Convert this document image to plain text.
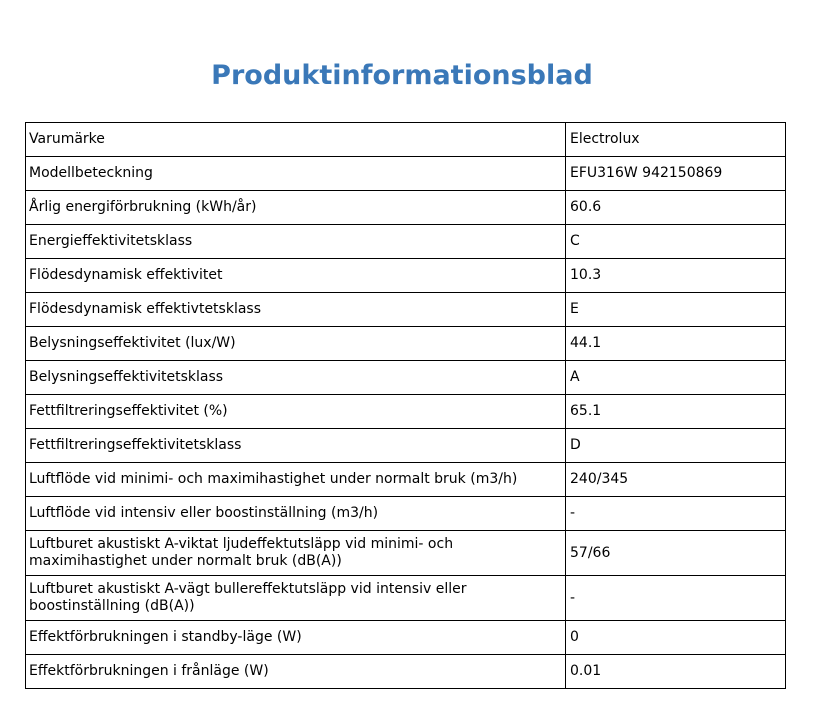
Produktinformationsblad
Varumärke	Electrolux
Modellbeteckning	EFU316W 942150869
Årlig energiförbrukning (kWh/år)	60.6
Energieffektivitetsklass	C
Flödesdynamisk effektivitet	10.3
Flödesdynamisk effektivtetsklass	E
Belysningseffektivitet (lux/W)	44.1
Belysningseffektivitetsklass	A
Fettfiltreringseffektivitet (%)	65.1
Fettfiltreringseffektivitetsklass	D
Luftflöde vid minimi- och maximihastighet under normalt bruk (m3/h)	240/345
Luftflöde vid intensiv eller boostinställning (m3/h)	-
Luftburet akustiskt A-viktat ljudeffektutsläpp vid minimi- och maximihastighet under normalt bruk (dB(A))	57/66
Luftburet akustiskt A-vägt bullereffektutsläpp vid intensiv eller boostinställning (dB(A))	-
Effektförbrukningen i standby-läge (W)	0
Effektförbrukningen i frånläge (W)	0.01
